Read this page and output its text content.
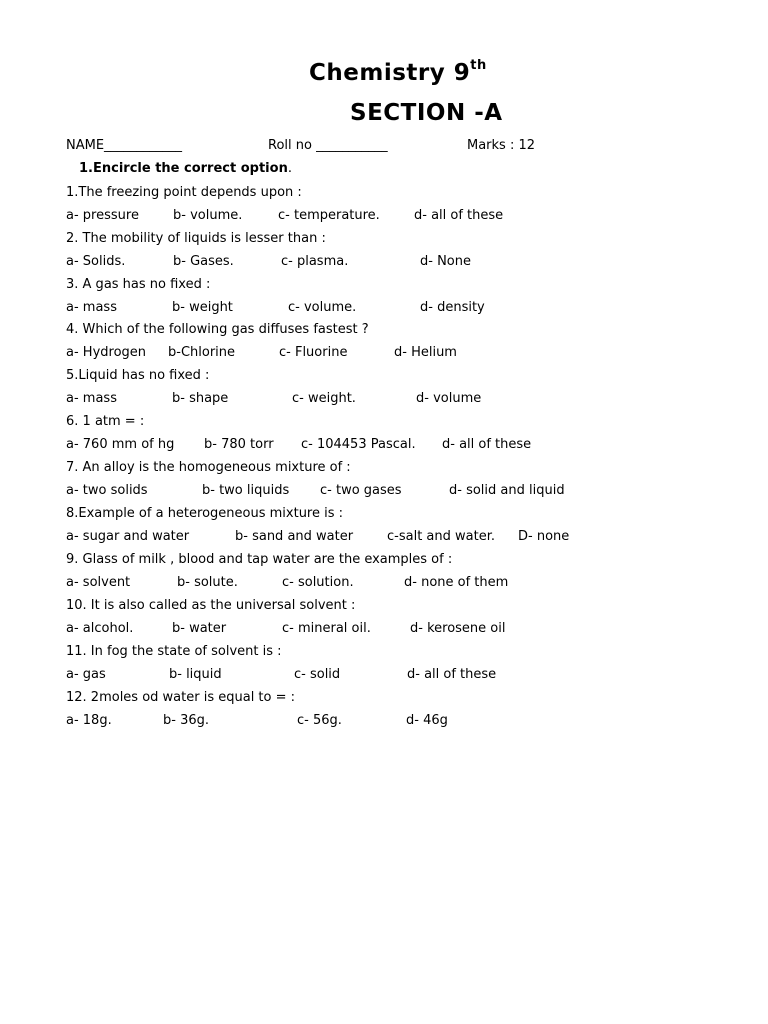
Chemistry 9th
SECTION -A
NAME____________	Roll no ___________	Marks : 12
1.Encircle the correct option.
1.The freezing point depends upon :
a- pressure	b- volume.	c- temperature.	d- all of these
2. The mobility of liquids is lesser than :
a- Solids.	b- Gases.	c- plasma.	d- None
3. A gas has no fixed :
a- mass	b- weight	c- volume.	d- density
4. Which of the following gas diffuses fastest ?
a- Hydrogen b-Chlorine	c- Fluorine	d- Helium
5.Liquid has no fixed :
a- mass	b- shape	c- weight.	d- volume
6. 1 atm = :
a- 760 mm of hg b- 780 torr c- 104453 Pascal. d- all of these
7. An alloy is the homogeneous mixture of :
a- two solids	b- two liquids c- two gases	d- solid and liquid
8.Example of a heterogeneous mixture is :
a- sugar and water	b- sand and water	c-salt and water. D- none
9. Glass of milk , blood and tap water are the examples of :
a- solvent	b- solute.	c- solution.	d- none of them
10. It is also called as the universal solvent :
a- alcohol.	b- water	c- mineral oil.	d- kerosene oil
11. In fog the state of solvent is :
a- gas	b- liquid	c- solid	d- all of these
12. 2moles od water is equal to = :
a- 18g.	b- 36g.	c- 56g.	d- 46g
